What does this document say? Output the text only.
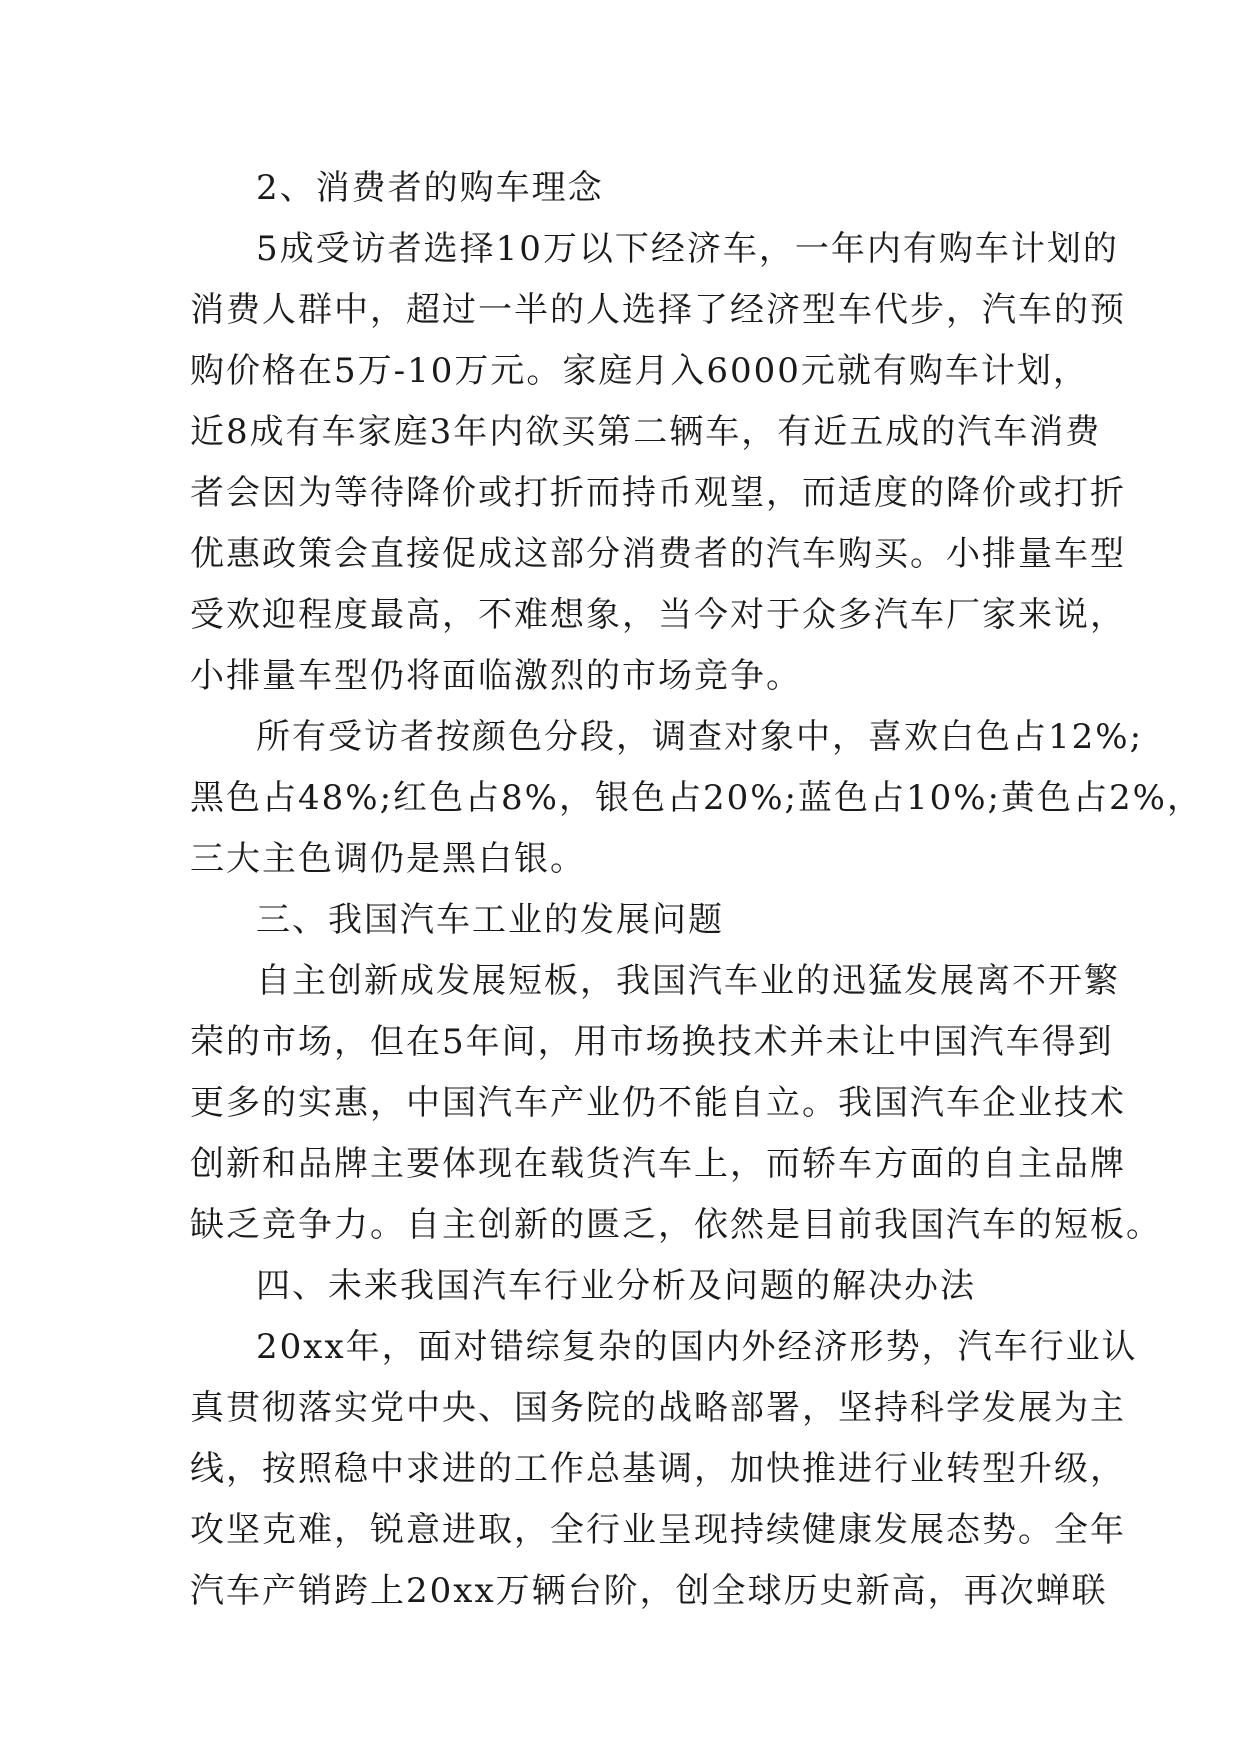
2、消费者的购车理念
5成受访者选择10万以下经济车，一年内有购车计划的
消费人群中，超过一半的人选择了经济型车代步，汽车的预
购价格在5万-10万元。家庭月入6000元就有购车计划，
近8成有车家庭3年内欲买第二辆车，有近五成的汽车消费
者会因为等待降价或打折而持币观望，而适度的降价或打折
优惠政策会直接促成这部分消费者的汽车购买。小排量车型
受欢迎程度最高，不难想象，当今对于众多汽车厂家来说，
小排量车型仍将面临激烈的市场竞争。
所有受访者按颜色分段，调查对象中，喜欢白色占12%;
黑色占48%;红色占8%，银色占20%;蓝色占10%;黄色占2%，
三大主色调仍是黑白银。
三、我国汽车工业的发展问题
自主创新成发展短板，我国汽车业的迅猛发展离不开繁
荣的市场，但在5年间，用市场换技术并未让中国汽车得到
更多的实惠，中国汽车产业仍不能自立。我国汽车企业技术
创新和品牌主要体现在载货汽车上，而轿车方面的自主品牌
缺乏竞争力。自主创新的匮乏，依然是目前我国汽车的短板。
四、未来我国汽车行业分析及问题的解决办法
20xx年，面对错综复杂的国内外经济形势，汽车行业认
真贯彻落实党中央、国务院的战略部署，坚持科学发展为主
线，按照稳中求进的工作总基调，加快推进行业转型升级，
攻坚克难，锐意进取，全行业呈现持续健康发展态势。全年
汽车产销跨上20xx万辆台阶，创全球历史新高，再次蝉联
